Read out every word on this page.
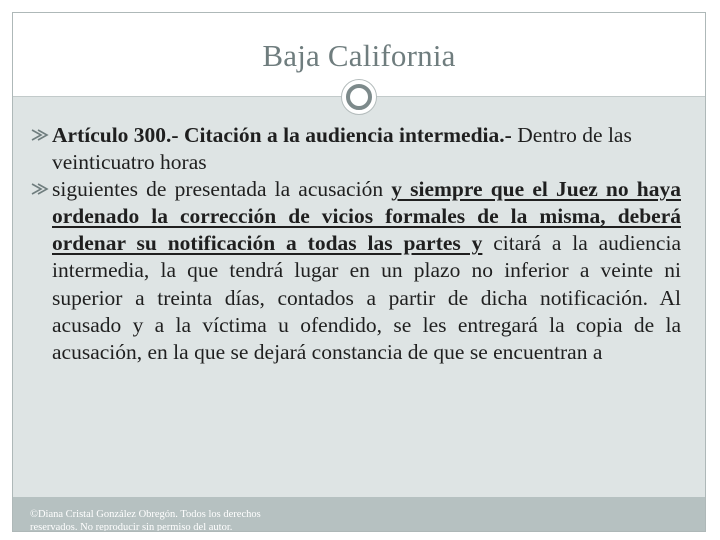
Baja California

Artículo 300.- Citación a la audiencia intermedia.- Dentro de las veinticuatro horas

siguientes de presentada la acusación y siempre que el Juez no haya ordenado la corrección de vicios formales de la misma, deberá ordenar su notificación a todas las partes y citará a la audiencia intermedia, la que tendrá lugar en un plazo no inferior a veinte ni superior a treinta días, contados a partir de dicha notificación. Al acusado y a la víctima u ofendido, se les entregará la copia de la acusación, en la que se dejará constancia de que se encuentran a

©Diana Cristal González Obregón. Todos los derechos reservados. No reproducir sin permiso del autor.
